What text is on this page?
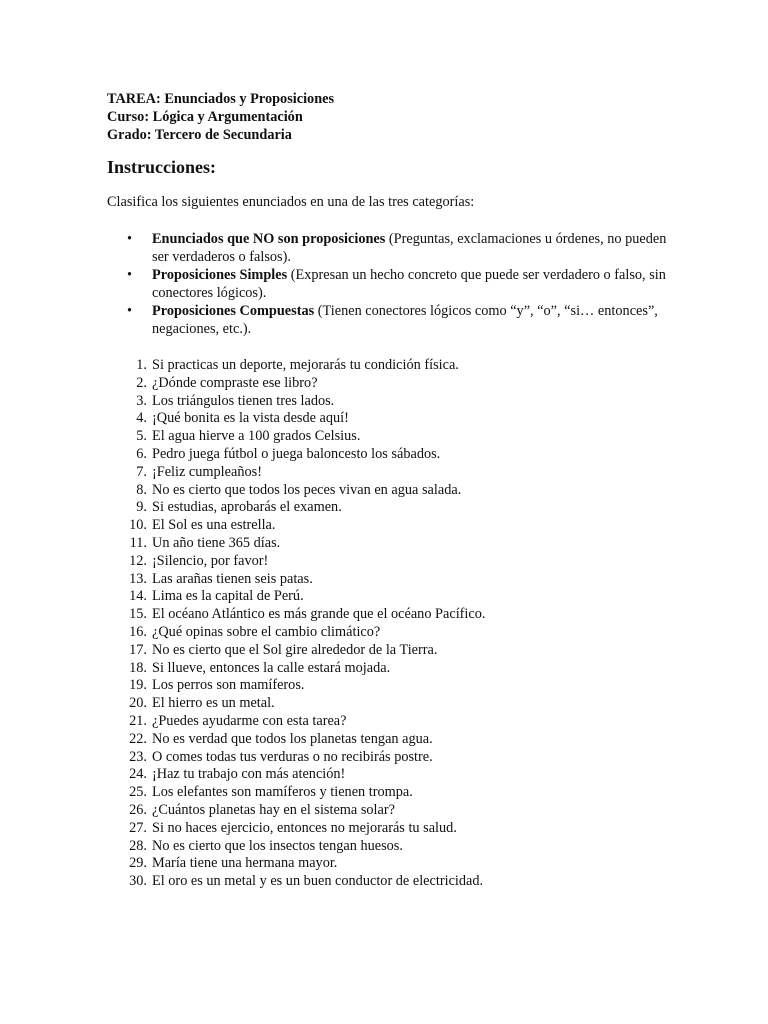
TAREA: Enunciados y Proposiciones

Curso: Lógica y Argumentación

Grado: Tercero de Secundaria

Instrucciones:

Clasifica los siguientes enunciados en una de las tres categorías:

• Enunciados que NO son proposiciones (Preguntas, exclamaciones u órdenes, no pueden ser verdaderos o falsos).
• Proposiciones Simples (Expresan un hecho concreto que puede ser verdadero o falso, sin conectores lógicos).
• Proposiciones Compuestas (Tienen conectores lógicos como “y”, “o”, “si… entonces”, negaciones, etc.).
1. Si practicas un deporte, mejorarás tu condición física.
2. ¿Dónde compraste ese libro?
3. Los triángulos tienen tres lados.
4. ¡Qué bonita es la vista desde aquí!
5. El agua hierve a 100 grados Celsius.
6. Pedro juega fútbol o juega baloncesto los sábados.
7. ¡Feliz cumpleaños!
8. No es cierto que todos los peces vivan en agua salada.
9. Si estudias, aprobarás el examen.
10. El Sol es una estrella.
11. Un año tiene 365 días.
12. ¡Silencio, por favor!
13. Las arañas tienen seis patas.
14. Lima es la capital de Perú.
15. El océano Atlántico es más grande que el océano Pacífico.
16. ¿Qué opinas sobre el cambio climático?
17. No es cierto que el Sol gire alrededor de la Tierra.
18. Si llueve, entonces la calle estará mojada.
19. Los perros son mamíferos.
20. El hierro es un metal.
21. ¿Puedes ayudarme con esta tarea?
22. No es verdad que todos los planetas tengan agua.
23. O comes todas tus verduras o no recibirás postre.
24. ¡Haz tu trabajo con más atención!
25. Los elefantes son mamíferos y tienen trompa.
26. ¿Cuántos planetas hay en el sistema solar?
27. Si no haces ejercicio, entonces no mejorarás tu salud.
28. No es cierto que los insectos tengan huesos.
29. María tiene una hermana mayor.
30. El oro es un metal y es un buen conductor de electricidad.
